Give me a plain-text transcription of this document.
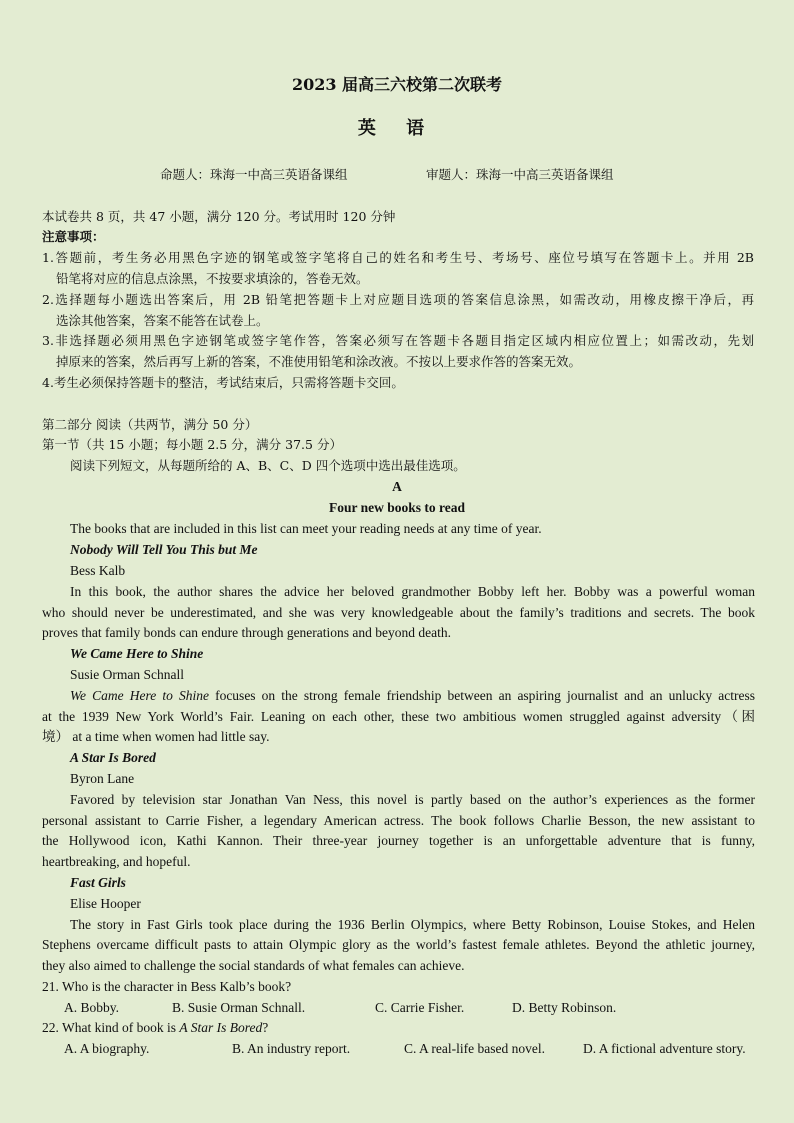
2023 届高三六校第二次联考
英 语
命题人：珠海一中高三英语备课组	审题人：珠海一中高三英语备课组
本试卷共 8 页，共 47 小题，满分 120 分。考试用时 120 分钟
注意事项：
1.答题前，考生务必用黑色字迹的钢笔或签字笔将自己的姓名和考生号、考场号、座位号填写在答题卡上。并用 2B
铅笔将对应的信息点涂黑，不按要求填涂的，答卷无效。
2.选择题每小题选出答案后，用 2B 铅笔把答题卡上对应题目选项的答案信息涂黑，如需改动，用橡皮擦干净后，再
选涂其他答案，答案不能答在试卷上。
3.非选择题必须用黑色字迹钢笔或签字笔作答，答案必须写在答题卡各题目指定区域内相应位置上；如需改动，先划
掉原来的答案，然后再写上新的答案，不准使用铅笔和涂改液。不按以上要求作答的答案无效。
4.考生必须保持答题卡的整洁，考试结束后，只需将答题卡交回。
第二部分 阅读（共两节，满分 50 分）
第一节（共 15 小题；每小题 2.5 分，满分 37.5 分）
阅读下列短文，从每题所给的 A、B、C、D 四个选项中选出最佳选项。
A
Four new books to read
The books that are included in this list can meet your reading needs at any time of year.
Nobody Will Tell You This but Me
Bess Kalb
In this book, the author shares the advice her beloved grandmother Bobby left her. Bobby was a powerful woman
who should never be underestimated, and she was very knowledgeable about the family’s traditions and secrets. The book
proves that family bonds can endure through generations and beyond death.
We Came Here to Shine
Susie Orman Schnall
We Came Here to Shine focuses on the strong female friendship between an aspiring journalist and an unlucky actress
at the 1939 New York World’s Fair. Leaning on each other, these two ambitious women struggled against adversity（困
境） at a time when women had little say.
A Star Is Bored
Byron Lane
Favored by television star Jonathan Van Ness, this novel is partly based on the author’s experiences as the former
personal assistant to Carrie Fisher, a legendary American actress. The book follows Charlie Besson, the new assistant to
the Hollywood icon, Kathi Kannon. Their three-year journey together is an unforgettable adventure that is funny,
heartbreaking, and hopeful.
Fast Girls
Elise Hooper
The story in Fast Girls took place during the 1936 Berlin Olympics, where Betty Robinson, Louise Stokes, and Helen
Stephens overcame difficult pasts to attain Olympic glory as the world’s fastest female athletes. Beyond the athletic journey,
they also aimed to challenge the social standards of what females can achieve.
21. Who is the character in Bess Kalb’s book?
A. Bobby.	B. Susie Orman Schnall.	C. Carrie Fisher.	D. Betty Robinson.
22. What kind of book is A Star Is Bored?
A. A biography.	B. An industry report.	C. A real-life based novel.	D. A fictional adventure story.
